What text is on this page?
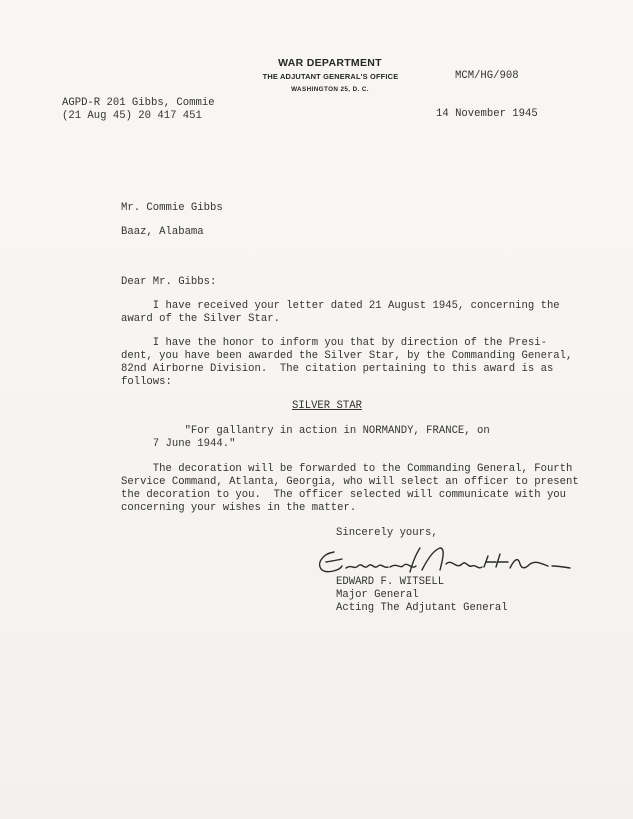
WAR DEPARTMENT
THE ADJUTANT GENERAL'S OFFICE
WASHINGTON 25, D. C.
MCM/HG/908
AGPD-R 201 Gibbs, Commie
(21 Aug 45) 20 417 451	14 November 1945
Mr. Commie Gibbs
Baaz, Alabama
Dear Mr. Gibbs:
I have received your letter dated 21 August 1945, concerning the
award of the Silver Star.
I have the honor to inform you that by direction of the Presi-
dent, you have been awarded the Silver Star, by the Commanding General,
82nd Airborne Division.  The citation pertaining to this award is as
follows:
SILVER STAR
"For gallantry in action in NORMANDY, FRANCE, on
7 June 1944."
The decoration will be forwarded to the Commanding General, Fourth
Service Command, Atlanta, Georgia, who will select an officer to present
the decoration to you.  The officer selected will communicate with you
concerning your wishes in the matter.
Sincerely yours,
EDWARD F. WITSELL
Major General
Acting The Adjutant General
